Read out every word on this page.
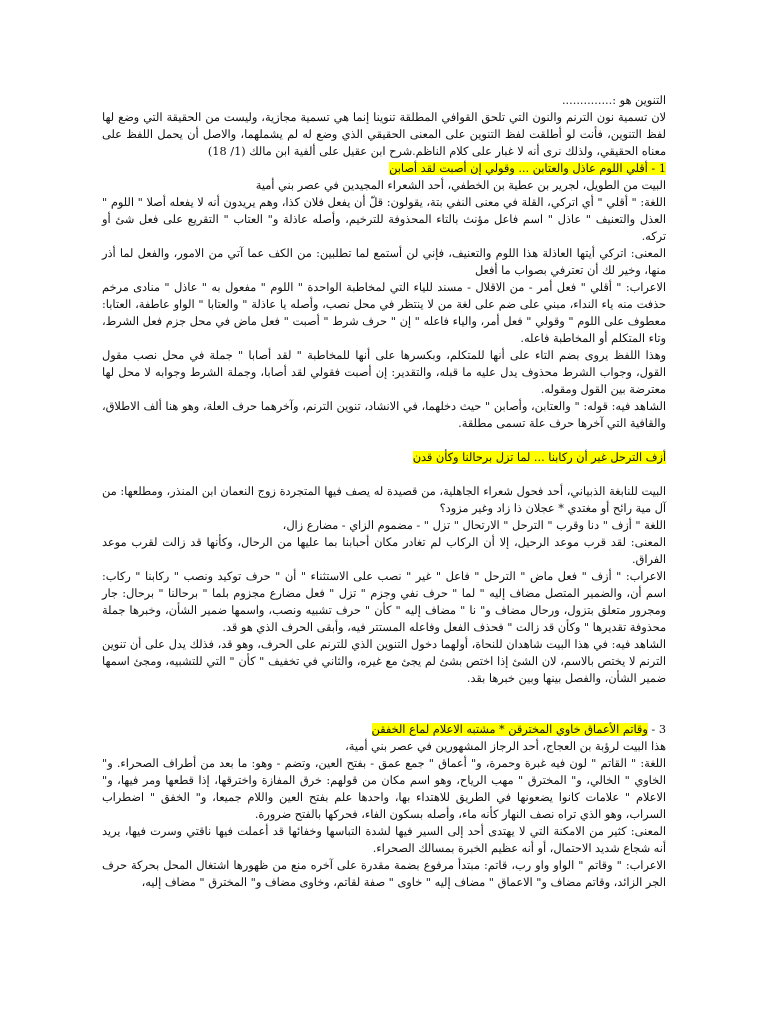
التنوين هو :..............

لان تسمية نون الترنم والنون التي تلحق القوافي المطلقة تنوينا إنما هي تسمية مجازية، وليست من الحقيقة التي وضع لها لفظ التنوين، فأنت لو أطلقت لفظ التنوين على المعنى الحقيقي الذي وضع له لم يشملهما، والاصل أن يحمل اللفظ على معناه الحقيقي، ولذلك نرى أنه لا غبار على كلام الناظم.شرح ابن عقيل على ألفية ابن مالك (1/ 18)

1 - أقلي اللوم عاذل والعتابن ... وقولي إن أصبت لقد أصابن

البيت من الطويل، لجرير بن عطية بن الخطفي، أحد الشعراء المجيدين في عصر بني أمية

اللغة: " أقلي " أي اتركي، القلة في معنى النفي بتة، يقولون: قلّ أن يفعل فلان كذا، وهم يريدون أنه لا يفعله أصلا " اللوم " العذل والتعنيف " عاذل " اسم فاعل مؤنث بالتاء المحذوفة للترخيم، وأصله عاذلة و" العتاب " التقريع على فعل شئ أو تركه.

المعنى: اتركي أيتها العاذلة هذا اللوم والتعنيف، فإني لن أستمع لما تطلبين: من الكف عما آتي من الامور، والفعل لما أذر منها، وخير لك أن تعترفي بصواب ما أفعل

الاعراب: " أقلي " فعل أمر - من الاقلال - مسند للياء التي لمخاطبة الواحدة " اللوم " مفعول به " عاذل " منادى مرخم حذفت منه ياء النداء، مبني على ضم على لغة من لا ينتظر في محل نصب، وأصله يا عاذلة " والعتابا " الواو عاطفة، العتابا: معطوف على اللوم " وقولي " فعل أمر، والياء فاعله " إن " حرف شرط " أصبت " فعل ماض في محل جزم فعل الشرط، وتاء المتكلم أو المخاطبة فاعله.

وهذا اللفظ يروى بضم التاء على أنها للمتكلم، وبكسرها على أنها للمخاطبة " لقد أصابا " جملة في محل نصب مقول القول، وجواب الشرط محذوف يدل عليه ما قبله، والتقدير: إن أصبت فقولي لقد أصابا، وجملة الشرط وجوابه لا محل لها معترضة بين القول ومقوله.

الشاهد فيه: قوله: " والعتابن، وأصابن " حيث دخلهما، في الانشاد، تنوين الترنم، وآخرهما حرف العلة، وهو هنا ألف الاطلاق، والقافية التي آخرها حرف علة تسمى مطلقة.

أزف الترحل غير أن ركابنا ... لما تزل برحالنا وكأن قدن

البيت للنابغة الذبياني، أحد فحول شعراء الجاهلية، من قصيدة له يصف فيها المتجردة زوج النعمان ابن المنذر، ومطلعها: من آل مية رائح أو مغتدي * عجلان ذا زاد وغير مزود؟

اللغة " أزف " دنا وقرب " الترحل " الارتحال " تزل " - مضموم الزاي - مضارع زال،

المعنى: لقد قرب موعد الرحيل، إلا أن الركاب لم تغادر مكان أحبابنا بما عليها من الرحال، وكأنها قد زالت لقرب موعد الفراق.

الاعراب: " أزف " فعل ماض " الترحل " فاعل " غير " نصب على الاستثناء " أن " حرف توكيد ونصب " ركابنا " ركاب: اسم أن، والضمير المتصل مضاف إليه " لما " حرف نفي وجزم " تزل " فعل مضارع مجزوم بلما " برحالنا " برحال: جار ومجرور متعلق بتزول، ورحال مضاف و" نا " مضاف إليه " كأن " حرف تشبيه ونصب، واسمها ضمير الشأن، وخبرها جملة محذوفة تقديرها " وكأن قد زالت " فحذف الفعل وفاعله المستتر فيه، وأبقى الحرف الذي هو قد.

الشاهد فيه: في هذا البيت شاهدان للنحاة، أولهما دخول التنوين الذي للترنم على الحرف، وهو قد، فذلك يدل على أن تنوين الترنم لا يختص بالاسم، لان الشئ إذا اختص بشئ لم يجئ مع غيره، والثاني في تخفيف " كأن " التي للتشبيه، ومجئ اسمها ضمير الشأن، والفصل بينها وبين خبرها بقد.

3 - وقاتم الأعماق خاوي المخترقن * مشتبه الاعلام لماع الخفقن

هذا البيت لرؤبة بن العجاج، أحد الرجاز المشهورين في عصر بني أمية،

اللغة: " القاتم " لون فيه غبرة وحمرة، و" أعماق " جمع عمق - بفتح العين، وتضم - وهو: ما بعد من أطراف الصحراء. و" الخاوي " الخالي، و" المخترق " مهب الرياح، وهو اسم مكان من قولهم: خرق المفازة واخترقها، إذا قطعها ومر فيها، و" الاعلام " علامات كانوا يضعونها في الطريق للاهتداء بها، واحدها علم بفتح العين واللام جميعا، و" الخفق " اضطراب السراب، وهو الذي تراه نصف النهار كأنه ماء، وأصله بسكون الفاء، فحركها بالفتح ضرورة.

المعنى: كثير من الامكنة التي لا يهتدى أحد إلى السير فيها لشدة التباسها وخفائها قد أعملت فيها ناقتي وسرت فيها، يريد أنه شجاع شديد الاحتمال، أو أنه عظيم الخبرة بمسالك الصحراء.

الاعراب: " وقاتم " الواو واو رب، قاتم: مبتدأ مرفوع بضمة مقدرة على آخره منع من ظهورها اشتغال المحل بحركة حرف الجر الزائد، وقاتم مضاف و" الاعماق " مضاف إليه " خاوى " صفة لقاتم، وخاوى مضاف و" المخترق " مضاف إليه،
